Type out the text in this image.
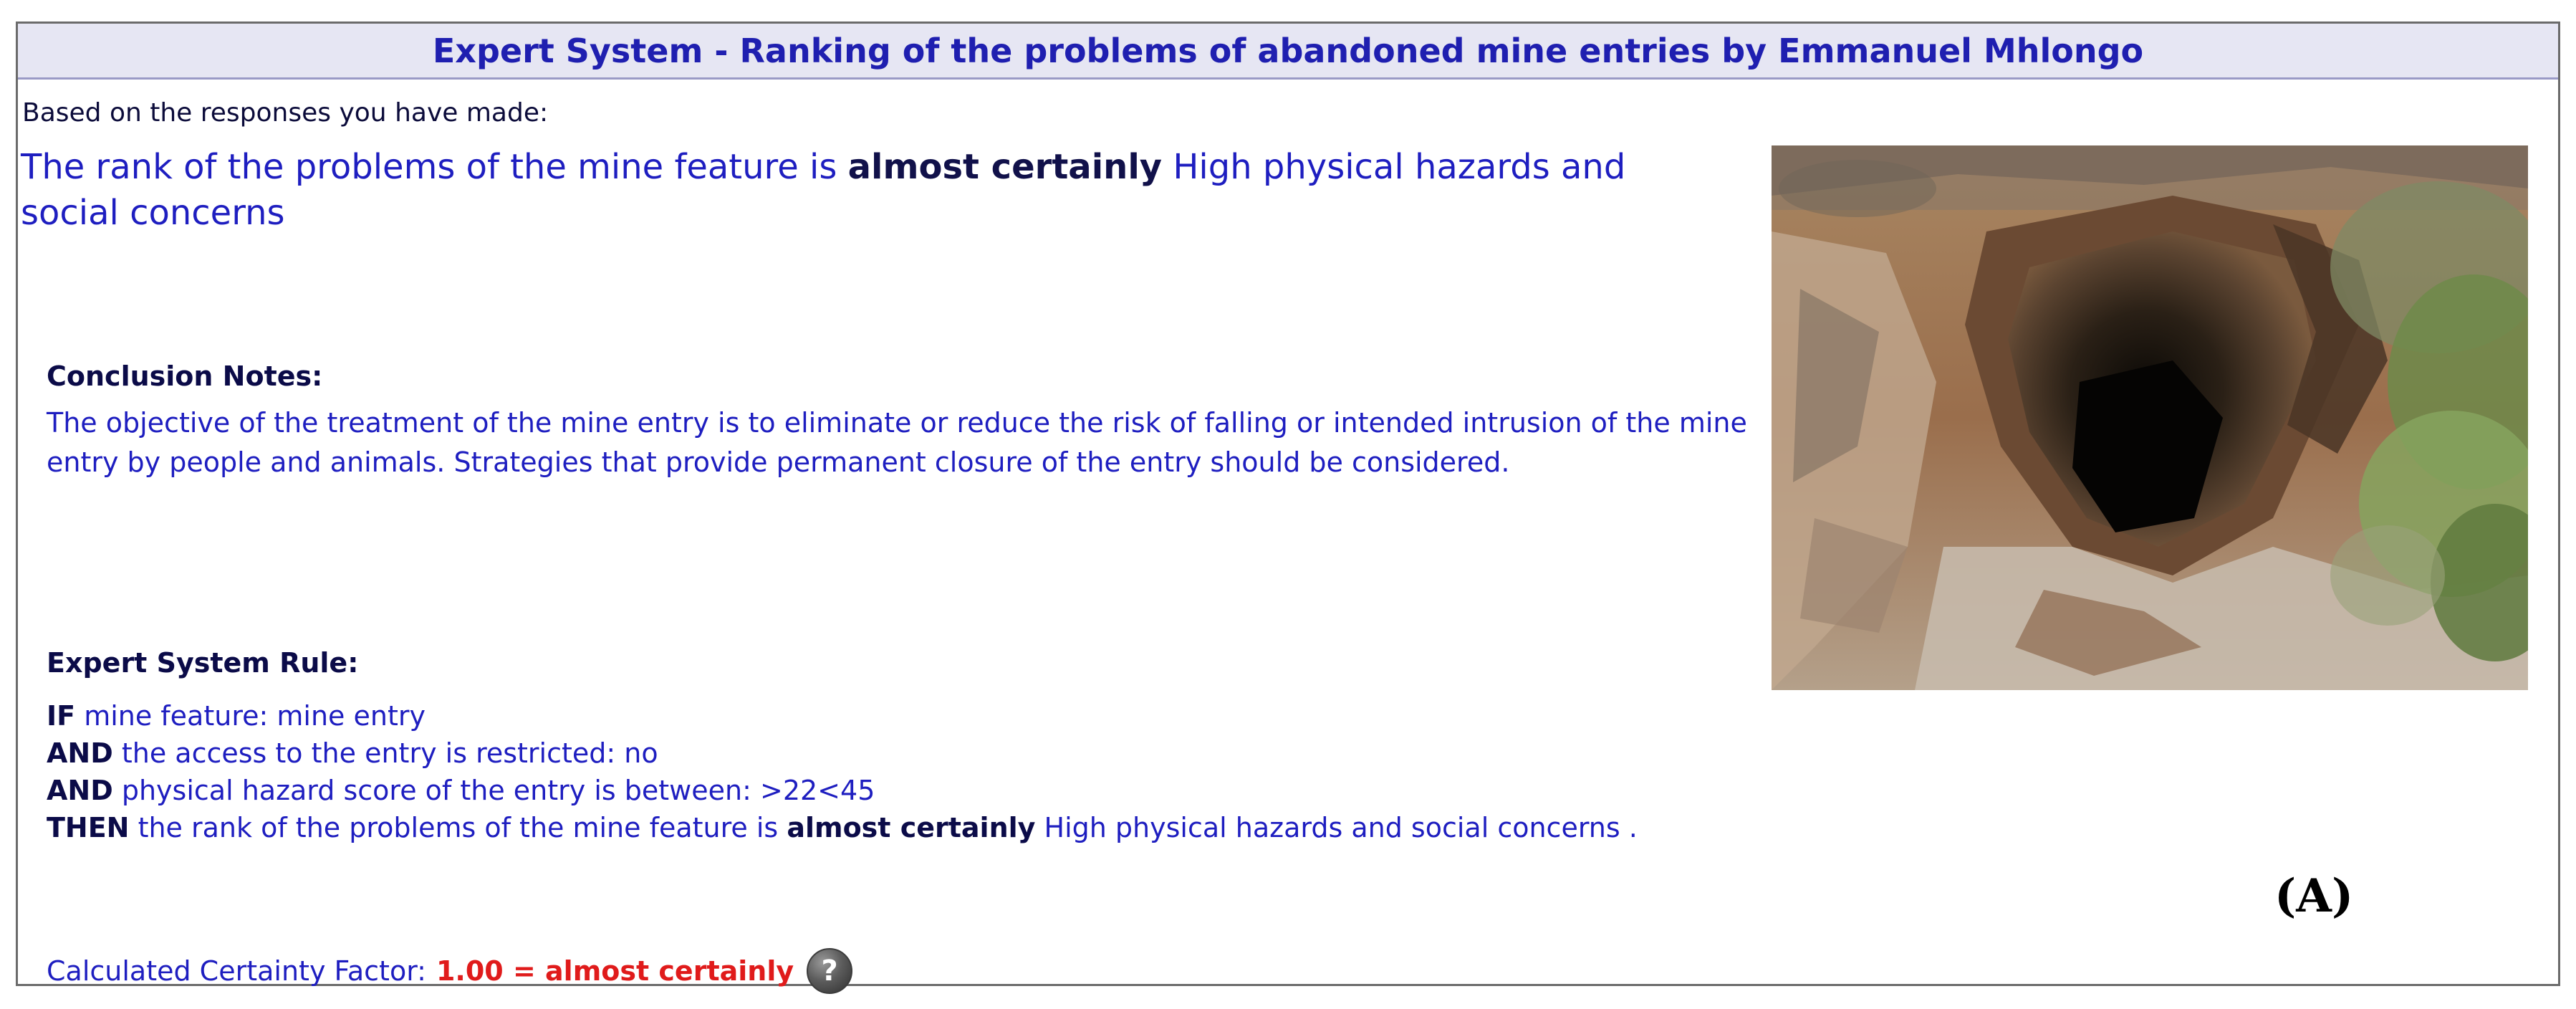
Expert System - Ranking of the problems of abandoned mine entries by Emmanuel Mhlongo
Based on the responses you have made:
The rank of the problems of the mine feature is almost certainly High physical hazards and social concerns
Conclusion Notes:
The objective of the treatment of the mine entry is to eliminate or reduce the risk of falling or intended intrusion of the mine entry by people and animals. Strategies that provide permanent closure of the entry should be considered.
Expert System Rule:
IF mine feature: mine entry
AND the access to the entry is restricted: no
AND physical hazard score of the entry is between: >22<45
THEN the rank of the problems of the mine feature is almost certainly High physical hazards and social concerns .
Calculated Certainty Factor: 1.00 = almost certainly ?
(A)
